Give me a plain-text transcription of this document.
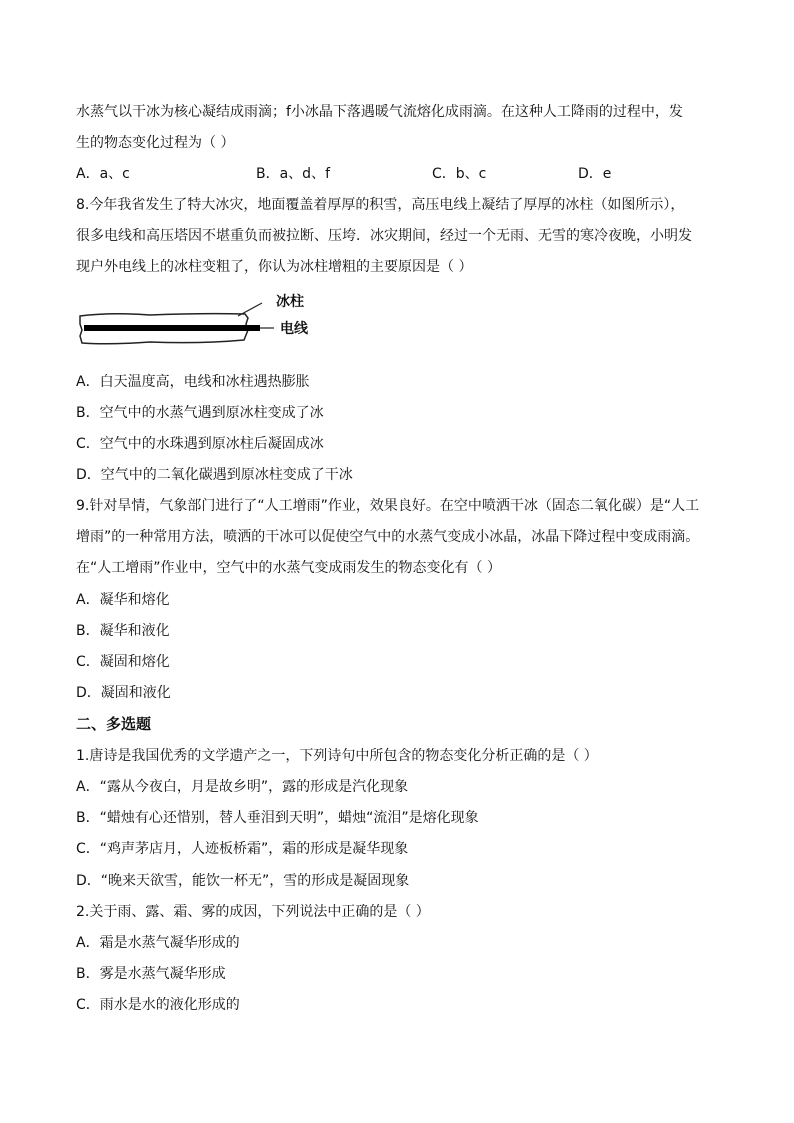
水蒸气以干冰为核心凝结成雨滴；f小冰晶下落遇暖气流熔化成雨滴。在这种人工降雨的过程中，发
生的物态变化过程为（ ）
A．a、c	B．a、d、f	C．b、c	D．e
8.今年我省发生了特大冰灾，地面覆盖着厚厚的积雪，高压电线上凝结了厚厚的冰柱（如图所示），
很多电线和高压塔因不堪重负而被拉断、压垮．冰灾期间，经过一个无雨、无雪的寒冷夜晚，小明发
现户外电线上的冰柱变粗了，你认为冰柱增粗的主要原因是（ ）
冰柱
电线
A．白天温度高，电线和冰柱遇热膨胀
B．空气中的水蒸气遇到原冰柱变成了冰
C．空气中的水珠遇到原冰柱后凝固成冰
D．空气中的二氧化碳遇到原冰柱变成了干冰
9.针对旱情，气象部门进行了“人工增雨”作业，效果良好。在空中喷洒干冰（固态二氧化碳）是“人工
增雨”的一种常用方法，喷洒的干冰可以促使空气中的水蒸气变成小冰晶，冰晶下降过程中变成雨滴。
在“人工增雨”作业中，空气中的水蒸气变成雨发生的物态变化有（ ）
A．凝华和熔化
B．凝华和液化
C．凝固和熔化
D．凝固和液化
二、多选题
1.唐诗是我国优秀的文学遗产之一，下列诗句中所包含的物态变化分析正确的是（ ）
A．“露从今夜白，月是故乡明”，露的形成是汽化现象
B．“蜡烛有心还惜别，替人垂泪到天明”，蜡烛“流泪”是熔化现象
C．“鸡声茅店月，人迹板桥霜”，霜的形成是凝华现象
D．“晚来天欲雪，能饮一杯无”，雪的形成是凝固现象
2.关于雨、露、霜、雾的成因，下列说法中正确的是（ ）
A．霜是水蒸气凝华形成的
B．雾是水蒸气凝华形成
C．雨水是水的液化形成的
